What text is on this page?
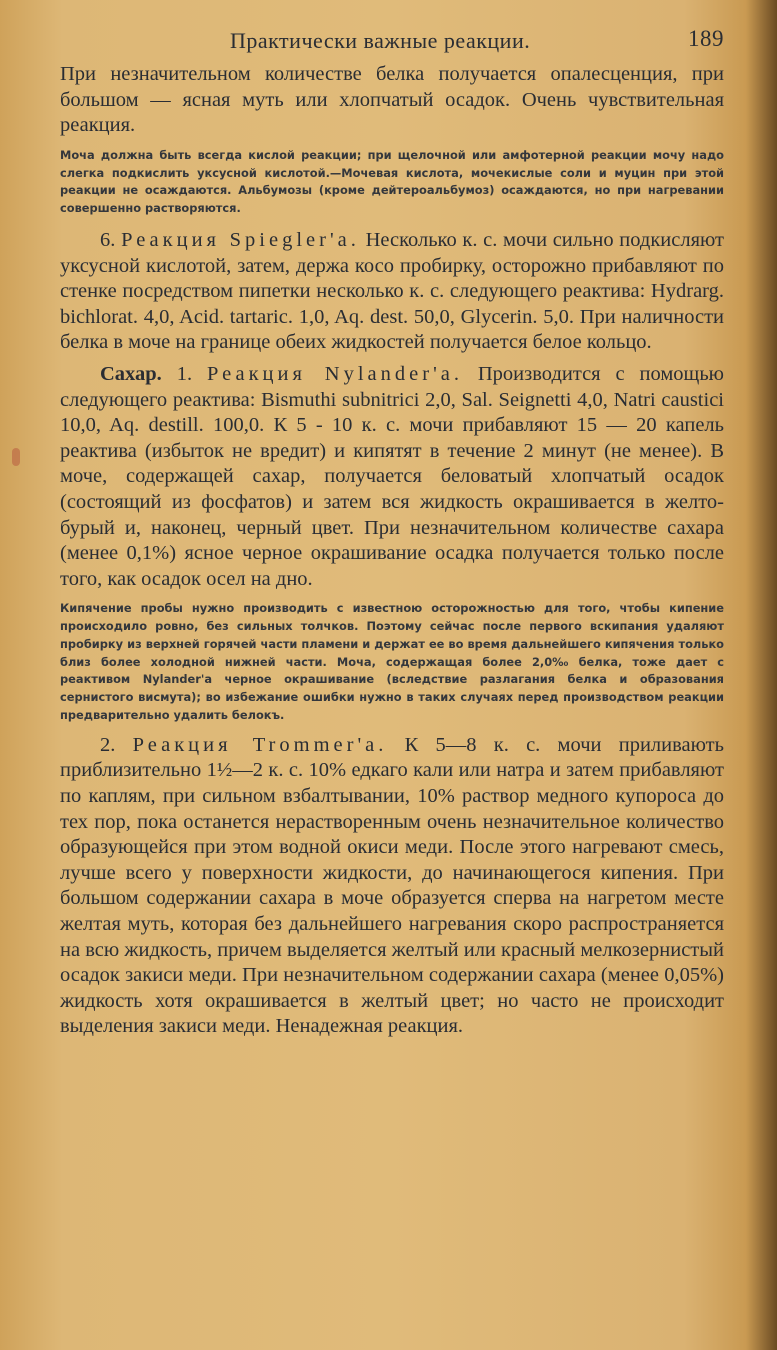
Практически важные реакции.	189

При незначительном количестве белка получается опалесценция, при большом — ясная муть или хлопчатый осадок. Очень чувствительная реакция.

Моча должна быть всегда кислой реакции; при щелочной или амфотерной реакции мочу надо слегка подкислить уксусной кислотой.—Мочевая кислота, мочекислые соли и муцин при этой реакции не осаждаются. Альбумозы (кроме дейтероальбумоз) осаждаются, но при нагревании совершенно растворяются.

6. Реакция Spiegler'a. Несколько к. с. мочи сильно подкисляют уксусной кислотой, затем, держа косо пробирку, осторожно прибавляют по стенке посредством пипетки несколько к. с. следующего реактива: Hydrarg. bichlorat. 4,0, Acid. tartaric. 1,0, Aq. dest. 50,0, Glycerin. 5,0. При наличности белка в моче на границе обеих жидкостей получается белое кольцо.

Сахар. 1. Реакция Nylander'a. Производится с помощью следующего реактива: Bismuthi subnitrici 2,0, Sal. Seignetti 4,0, Natri caustici 10,0, Aq. destill. 100,0. К 5 - 10 к. с. мочи прибавляют 15 — 20 капель реактива (избыток не вредит) и кипятят в течение 2 минут (не менее). В моче, содержащей сахар, получается беловатый хлопчатый осадок (состоящий из фосфатов) и затем вся жидкость окрашивается в желто-бурый и, наконец, черный цвет. При незначительном количестве сахара (менее 0,1%) ясное черное окрашивание осадка получается только после того, как осадок осел на дно.

Кипячение пробы нужно производить с известною осторожностью для того, чтобы кипение происходило ровно, без сильных толчков. Поэтому сейчас после первого вскипания удаляют пробирку из верхней горячей части пламени и держат ее во время дальнейшего кипячения только близ более холодной нижней части. Моча, содержащая более 2,0%₀ белка, тоже дает с реактивом Nylander'a черное окрашивание (вследствие разлагания белка и образования сернистого висмута); во избежание ошибки нужно в таких случаях перед производством реакции предварительно удалить белокъ.

2. Реакция Trommer'a. К 5—8 к. с. мочи приливають приблизительно 1½—2 к. с. 10% едкаго кали или натра и затем прибавляют по каплям, при сильном взбалтывании, 10% раствор медного купороса до тех пор, пока останется нерастворенным очень незначительное количество образующейся при этом водной окиси меди. После этого нагревают смесь, лучше всего у поверхности жидкости, до начинающегося кипения. При большом содержании сахара в моче образуется сперва на нагретом месте желтая муть, которая без дальнейшего нагревания скоро распространяется на всю жидкость, причем выделяется желтый или красный мелкозернистый осадок закиси меди. При незначительном содержании сахара (менее 0,05%) жидкость хотя окрашивается в желтый цвет; но часто не происходит выделения закиси меди. Ненадежная реакция.
